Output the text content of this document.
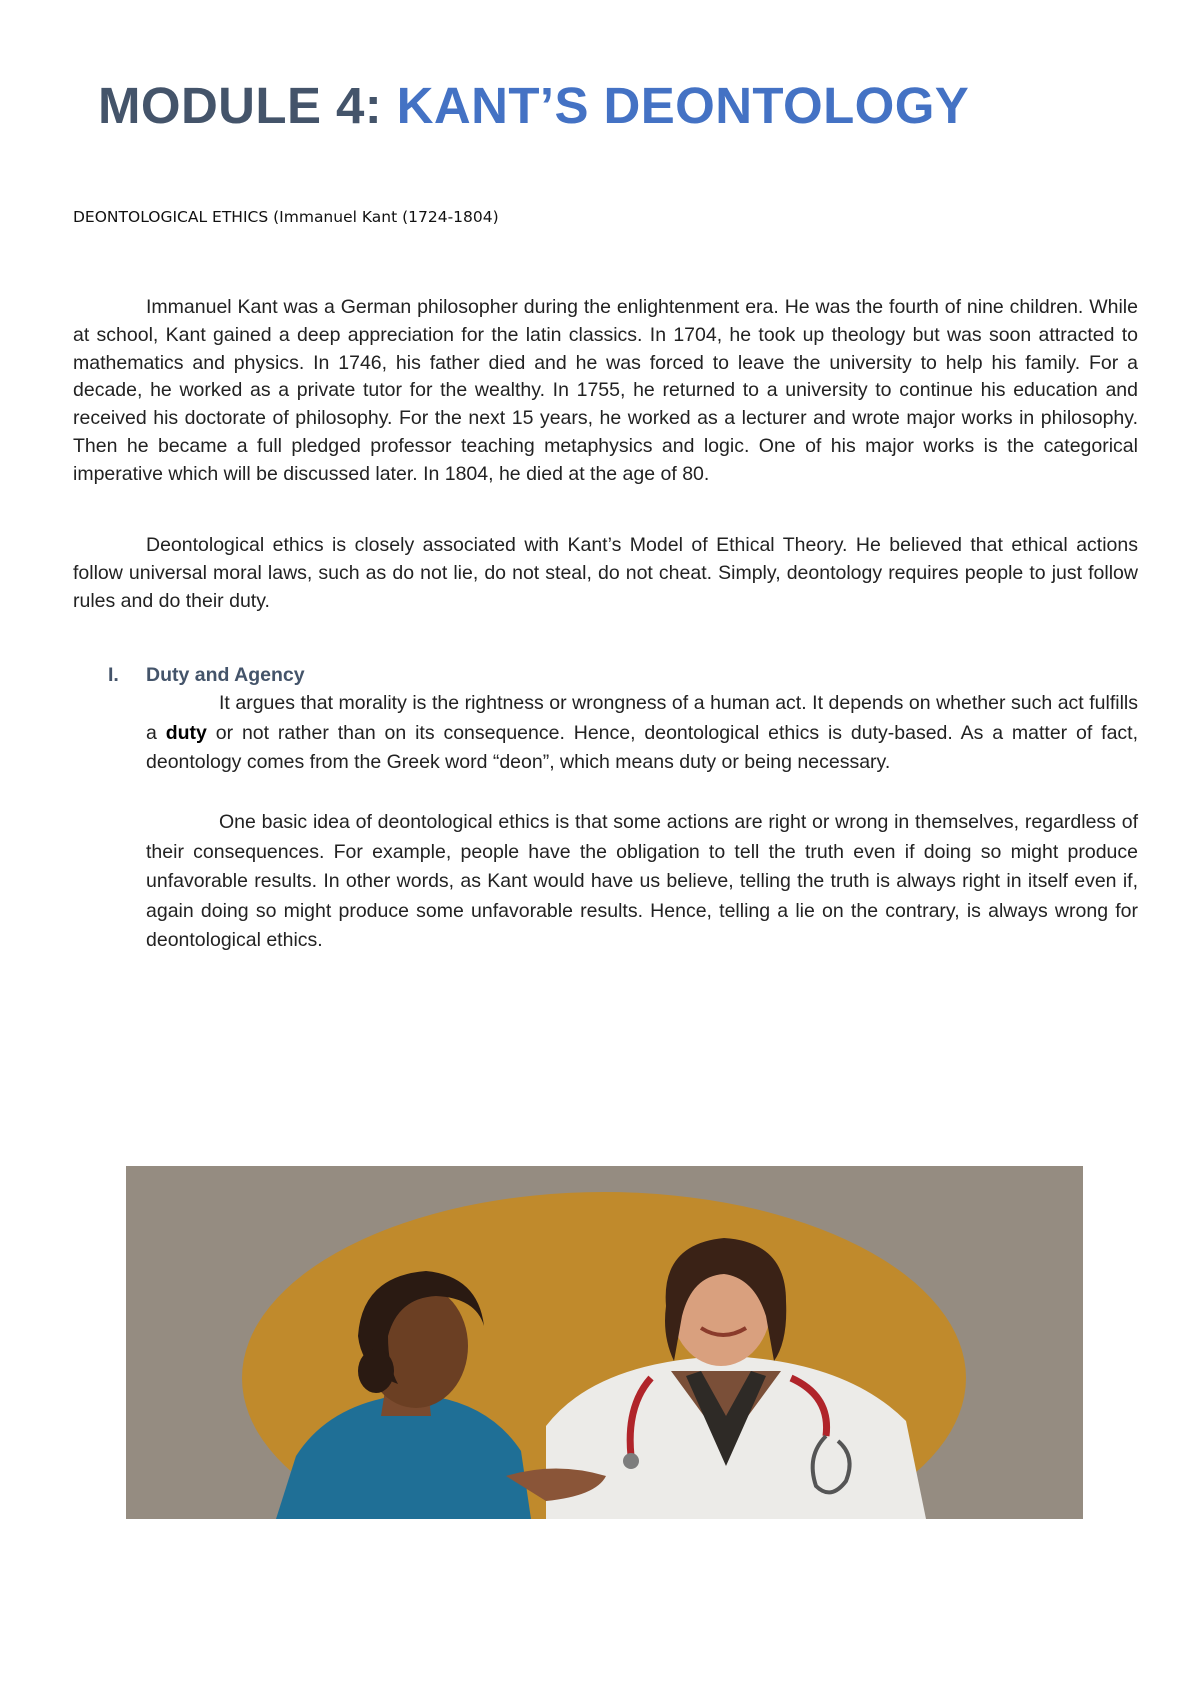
MODULE 4: KANT’S DEONTOLOGY
DEONTOLOGICAL ETHICS (Immanuel Kant (1724-1804)

Immanuel Kant was a German philosopher during the enlightenment era. He was the fourth of nine children. While at school, Kant gained a deep appreciation for the latin classics. In 1704, he took up theology but was soon attracted to mathematics and physics. In 1746, his father died and he was forced to leave the university to help his family. For a decade, he worked as a private tutor for the wealthy. In 1755, he returned to a university to continue his education and received his doctorate of philosophy. For the next 15 years, he worked as a lecturer and wrote major works in philosophy. Then he became a full pledged professor teaching metaphysics and logic. One of his major works is the categorical imperative which will be discussed later. In 1804, he died at the age of 80.

Deontological ethics is closely associated with Kant’s Model of Ethical Theory. He believed that ethical actions follow universal moral laws, such as do not lie, do not steal, do not cheat. Simply, deontology requires people to just follow rules and do their duty.

I. Duty and Agency

It argues that morality is the rightness or wrongness of a human act. It depends on whether such act fulfills a duty or not rather than on its consequence. Hence, deontological ethics is duty-based. As a matter of fact, deontology comes from the Greek word “deon”, which means duty or being necessary.

One basic idea of deontological ethics is that some actions are right or wrong in themselves, regardless of their consequences. For example, people have the obligation to tell the truth even if doing so might produce unfavorable results. In other words, as Kant would have us believe, telling the truth is always right in itself even if, again doing so might produce some unfavorable results. Hence, telling a lie on the contrary, is always wrong for deontological ethics.
